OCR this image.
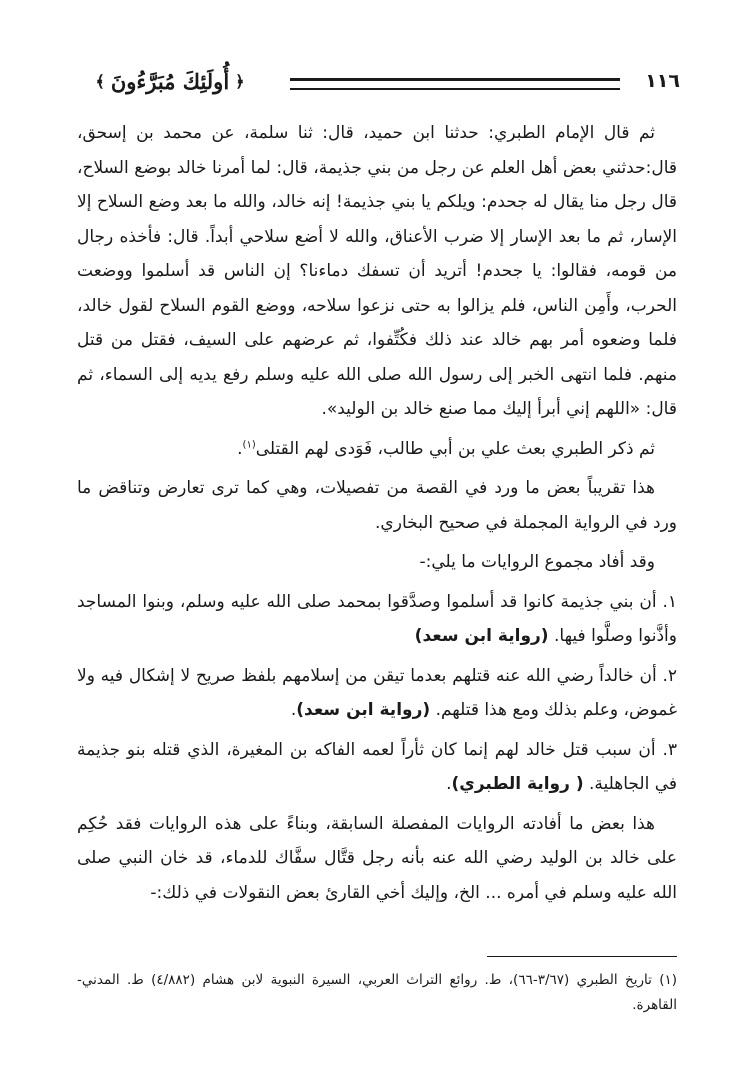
١١٦
﴿
أُولَئِكَ مُبَرَّءُونَ
﴾

ثم قال الإمام الطبري: حدثنا ابن حميد، قال: ثنا سلمة، عن محمد بن إسحق، قال:حدثني بعض أهل العلم عن رجل من بني جذيمة، قال: لما أمرنا خالد بوضع السلاح، قال رجل منا يقال له جحدم: ويلكم يا بني جذيمة! إنه خالد، والله ما بعد وضع السلاح إلا الإسار، ثم ما بعد الإسار إلا ضرب الأعناق، والله لا أضع سلاحي أبداً. قال: فأخذه رجال من قومه، فقالوا: يا جحدم! أتريد أن تسفك دماءنا؟ إن الناس قد أسلموا ووضعت الحرب، وأَمِن الناس، فلم يزالوا به حتى نزعوا سلاحه، ووضع القوم السلاح لقول خالد، فلما وضعوه أمر بهم خالد عند ذلك فكُتِّفوا، ثم عرضهم على السيف، فقتل من قتل منهم. فلما انتهى الخبر إلى رسول الله صلى الله عليه وسلم رفع يديه إلى السماء، ثم قال: «اللهم إني أبرأ إليك مما صنع خالد بن الوليد».

ثم ذكر الطبري بعث علي بن أبي طالب، فَوَدى لهم القتلى$^{(١)}$.

هذا تقريباً بعض ما ورد في القصة من تفصيلات، وهي كما ترى تعارض وتناقض ما ورد في الرواية المجملة في صحيح البخاري.

وقد أفاد مجموع الروايات ما يلي:-

١. أن بني جذيمة كانوا قد أسلموا وصدَّقوا بمحمد صلى الله عليه وسلم، وبنوا المساجد وأذَّنوا وصلَّوا فيها. (رواية ابن سعد)

٢. أن خالداً رضي الله عنه قتلهم بعدما تيقن من إسلامهم بلفظ صريح لا إشكال فيه ولا غموض، وعلم بذلك ومع هذا قتلهم. (رواية ابن سعد).

٣. أن سبب قتل خالد لهم إنما كان ثأراً لعمه الفاكه بن المغيرة، الذي قتله بنو جذيمة في الجاهلية. ( رواية الطبري).

هذا بعض ما أفادته الروايات المفصلة السابقة، وبناءً على هذه الروايات فقد حُكِم على خالد بن الوليد رضي الله عنه بأنه رجل قتَّال سفَّاك للدماء، قد خان النبي صلى الله عليه وسلم في أمره ... الخ، وإليك أخي القارئ بعض النقولات في ذلك:-

(١) تاريخ الطبري (٣/٦٧-٦٦)، ط. روائع التراث العربي، السيرة النبوية لابن هشام (٤/٨٨٢) ط. المدني-القاهرة.
